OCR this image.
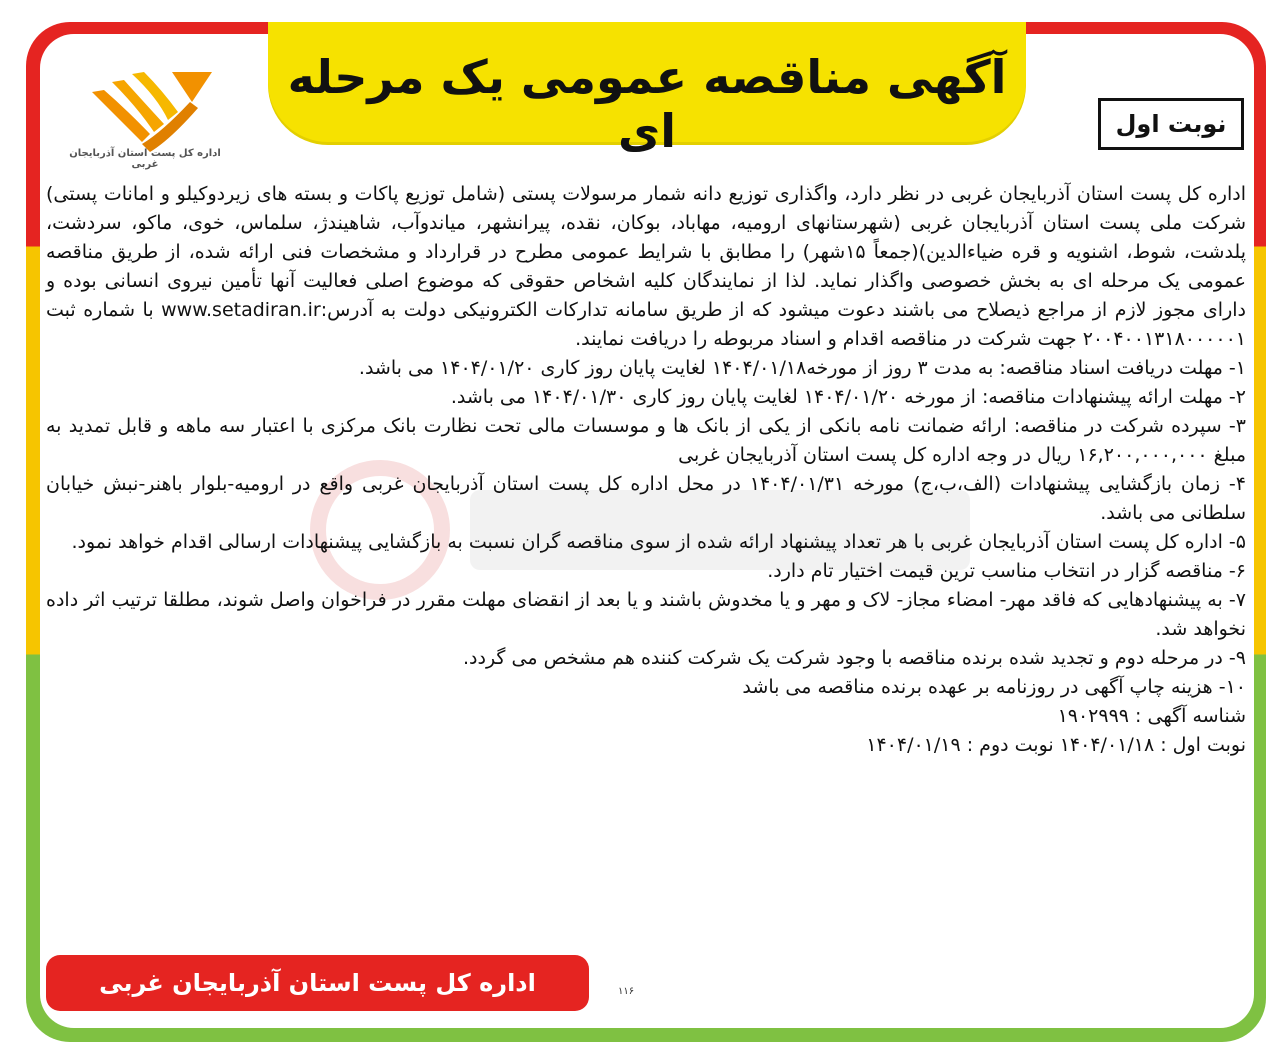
آگهی مناقصه عمومی یک مرحله ای	نوبت اول
اداره کل پست استان آذربایجان غربی

اداره کل پست استان آذربایجان غربی در نظر دارد، واگذاری توزیع دانه شمار مرسولات پستی (شامل توزیع پاکات و بسته های زیردوکیلو و امانات پستی) شرکت ملی پست استان آذربایجان غربی (شهرستانهای ارومیه، مهاباد، بوکان، نقده، پیرانشهر، میاندوآب، شاهیندژ، سلماس، خوی، ماکو، سردشت، پلدشت، شوط، اشنویه و قره ضیاءالدین)(جمعاً ۱۵شهر) را مطابق با شرایط عمومی مطرح در قرارداد و مشخصات فنی ارائه شده، از طریق مناقصه عمومی یک مرحله ای به بخش خصوصی واگذار نماید. لذا از نمایندگان کلیه اشخاص حقوقی که موضوع اصلی فعالیت آنها تأمین نیروی انسانی بوده و دارای مجوز لازم از مراجع ذیصلاح می باشند دعوت میشود که از طریق سامانه تدارکات الکترونیکی دولت به آدرس:www.setadiran.ir با شماره ثبت ۲۰۰۴۰۰۱۳۱۸۰۰۰۰۰۱ جهت شرکت در مناقصه اقدام و اسناد مربوطه را دریافت نمایند.

۱- مهلت دریافت اسناد مناقصه: به مدت ۳ روز از مورخه۱۴۰۴/۰۱/۱۸ لغایت پایان روز کاری ۱۴۰۴/۰۱/۲۰ می باشد.

۲- مهلت ارائه پیشنهادات مناقصه: از مورخه ۱۴۰۴/۰۱/۲۰ لغایت پایان روز کاری ۱۴۰۴/۰۱/۳۰ می باشد.

۳- سپرده شرکت در مناقصه: ارائه ضمانت نامه بانکی از یکی از بانک ها و موسسات مالی تحت نظارت بانک مرکزی با اعتبار سه ماهه و قابل تمدید به مبلغ ۱۶,۲۰۰,۰۰۰,۰۰۰ ریال در وجه اداره کل پست استان آذربایجان غربی

۴- زمان بازگشایی پیشنهادات (الف،ب،ج) مورخه ۱۴۰۴/۰۱/۳۱ در محل اداره کل پست استان آذربایجان غربی واقع در ارومیه-بلوار باهنر-نبش خیابان سلطانی می باشد.

۵- اداره کل پست استان آذربایجان غربی با هر تعداد پیشنهاد ارائه شده از سوی مناقصه گران نسبت به بازگشایی پیشنهادات ارسالی اقدام خواهد نمود.

۶- مناقصه گزار در انتخاب مناسب ترین قیمت اختیار تام دارد.

۷- به پیشنهادهایی که فاقد مهر- امضاء مجاز- لاک و مهر و یا مخدوش باشند و یا بعد از انقضای مهلت مقرر در فراخوان واصل شوند، مطلقا ترتیب اثر داده نخواهد شد.

۹- در مرحله دوم و تجدید شده برنده مناقصه با وجود شرکت یک شرکت کننده هم مشخص می گردد.

۱۰- هزینه چاپ آگهی در روزنامه بر عهده برنده مناقصه می باشد

شناسه آگهی : ۱۹۰۲۹۹۹

نوبت اول : ۱۴۰۴/۰۱/۱۸ نوبت دوم : ۱۴۰۴/۰۱/۱۹

اداره کل پست استان آذربایجان غربی	۱۱۶
